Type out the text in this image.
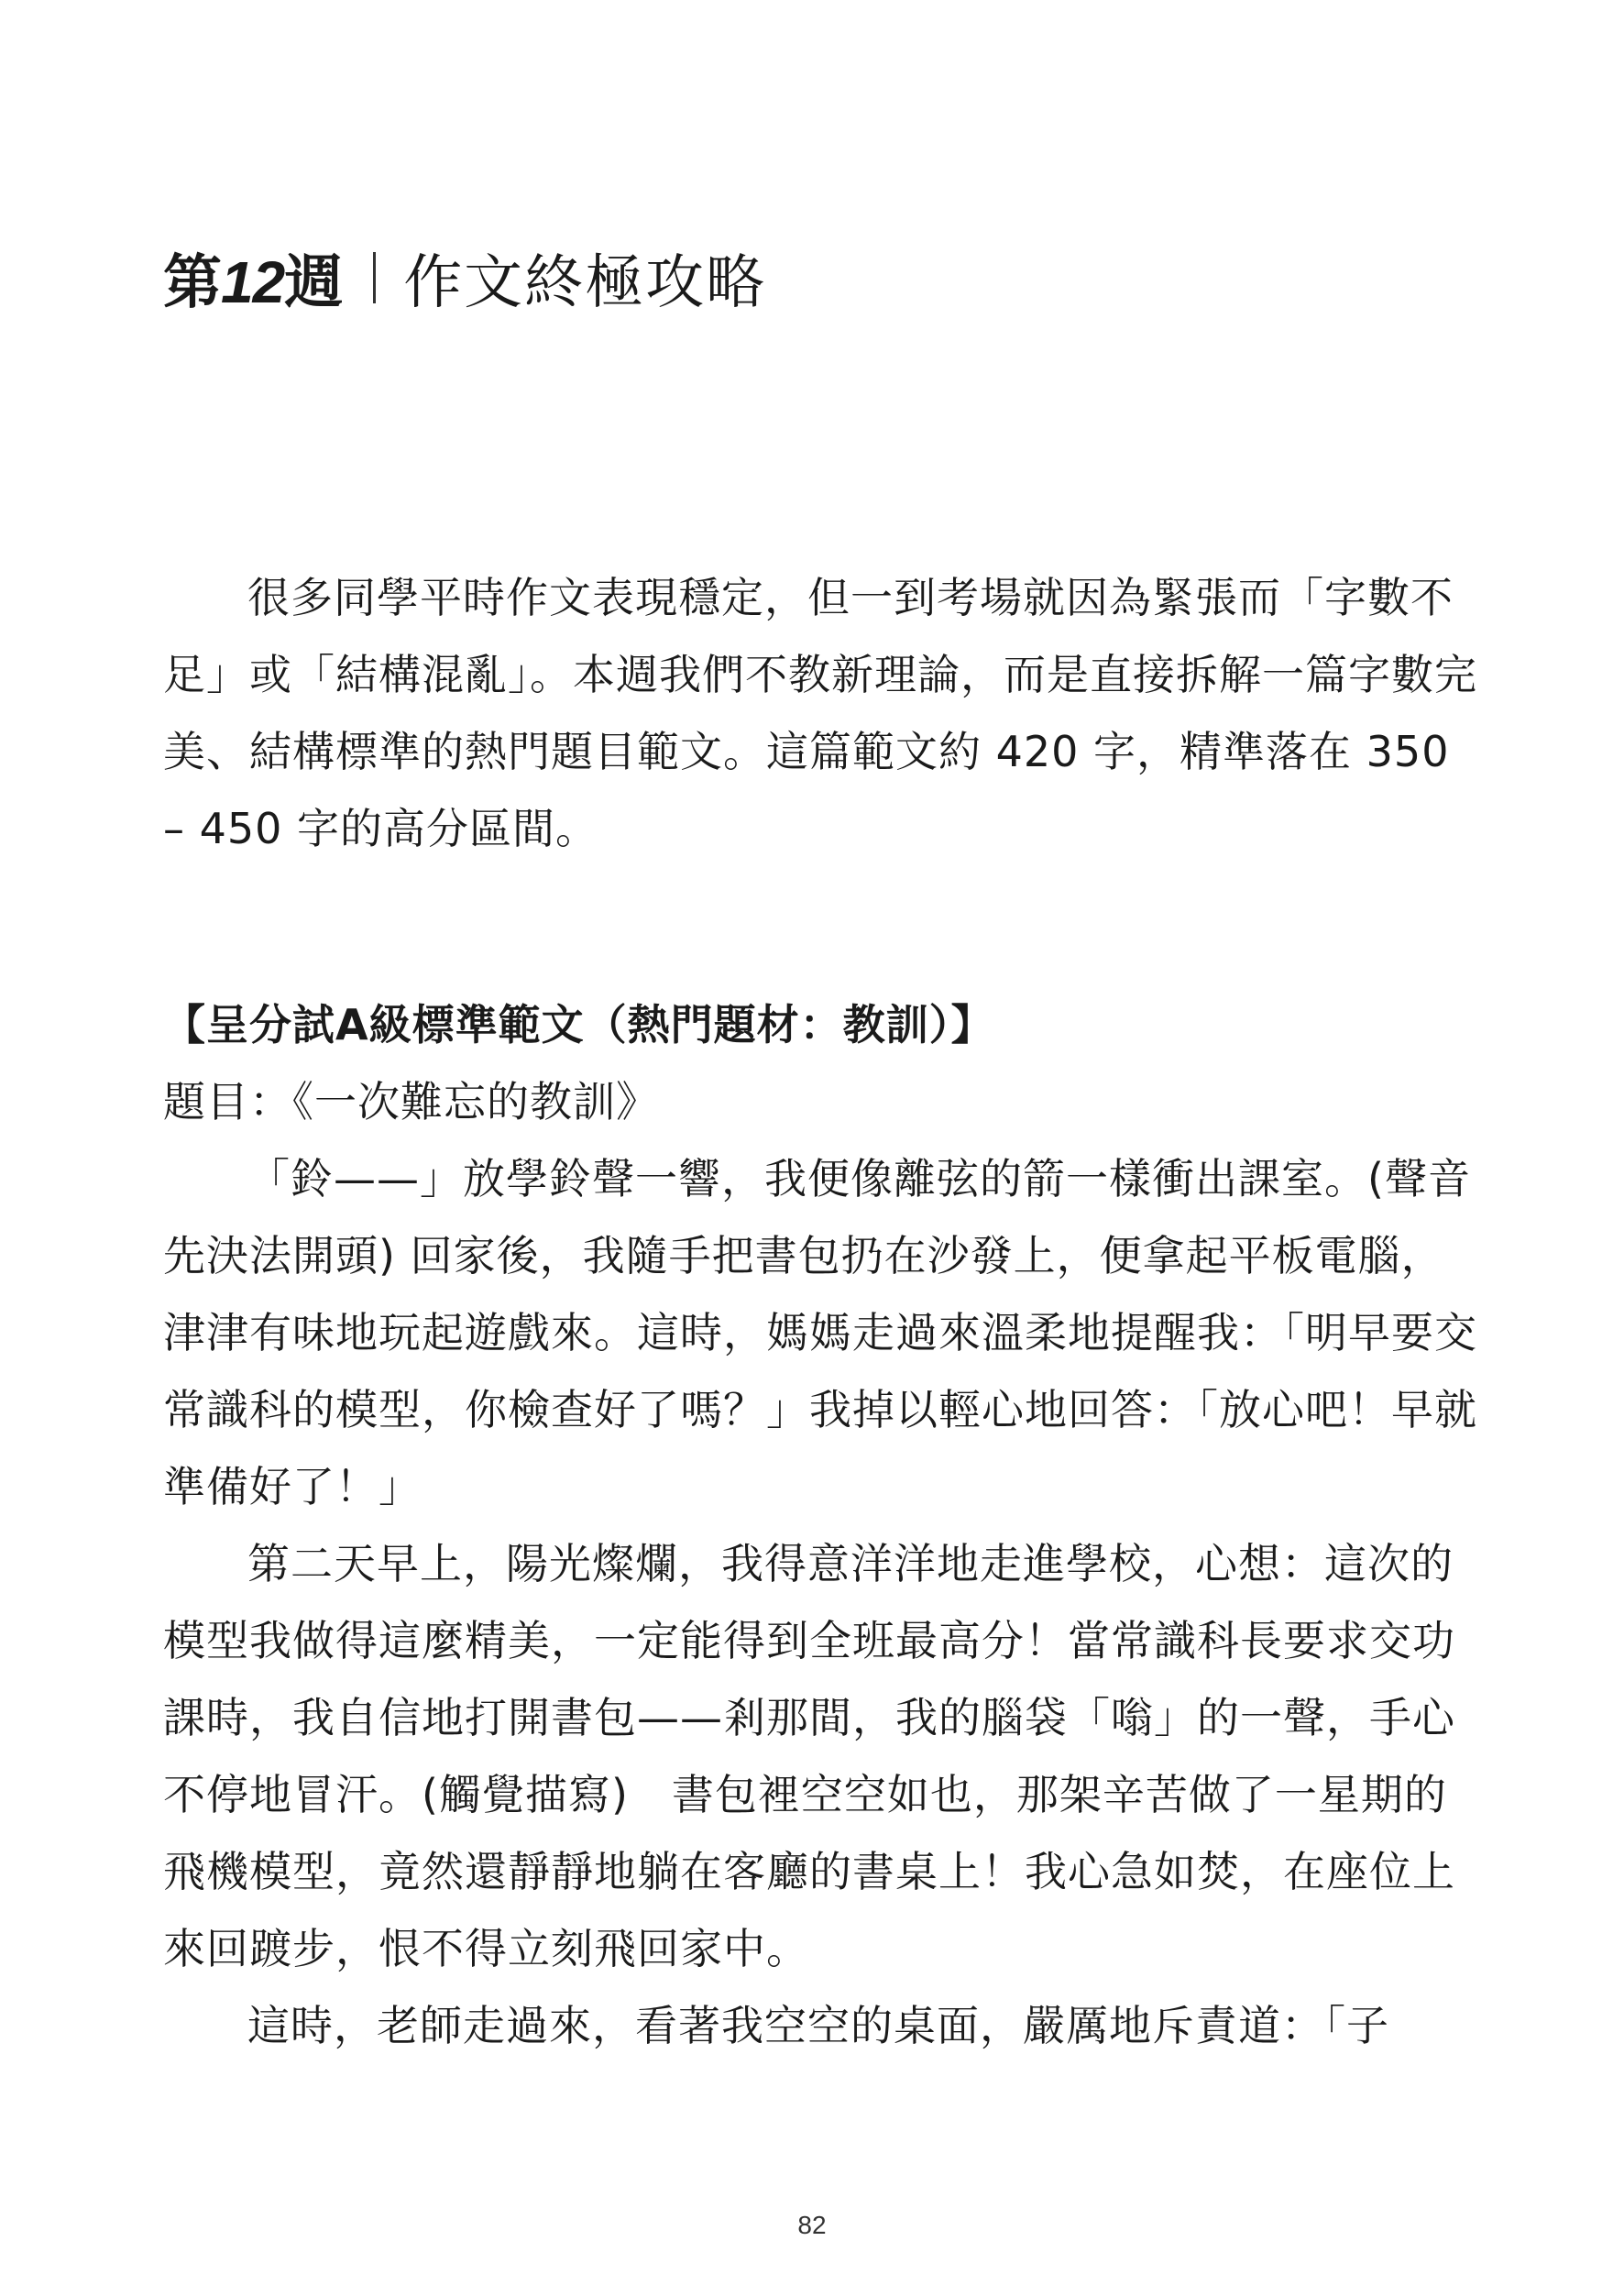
第12週 作文終極攻略

很多同學平時作文表現穩定，但一到考場就因為緊張而「字數不足」或「結構混亂」。本週我們不教新理論，而是直接拆解一篇字數完美、結構標準的熱門題目範文。這篇範文約 420 字，精準落在 350 – 450 字的高分區間。

【呈分試A級標準範文（熱門題材：教訓）】

題目：《一次難忘的教訓》

「鈴——」放學鈴聲一響，我便像離弦的箭一樣衝出課室。(聲音先決法開頭) 回家後，我隨手把書包扔在沙發上，便拿起平板電腦，津津有味地玩起遊戲來。這時，媽媽走過來溫柔地提醒我：「明早要交常識科的模型，你檢查好了嗎？」我掉以輕心地回答：「放心吧！早就準備好了！」

第二天早上，陽光燦爛，我得意洋洋地走進學校，心想：這次的模型我做得這麼精美，一定能得到全班最高分！當常識科長要求交功課時，我自信地打開書包——剎那間，我的腦袋「嗡」的一聲，手心不停地冒汗。(觸覺描寫)　書包裡空空如也，那架辛苦做了一星期的飛機模型，竟然還靜靜地躺在客廳的書桌上！我心急如焚，在座位上來回踱步，恨不得立刻飛回家中。

這時，老師走過來，看著我空空的桌面，嚴厲地斥責道：「子

82
